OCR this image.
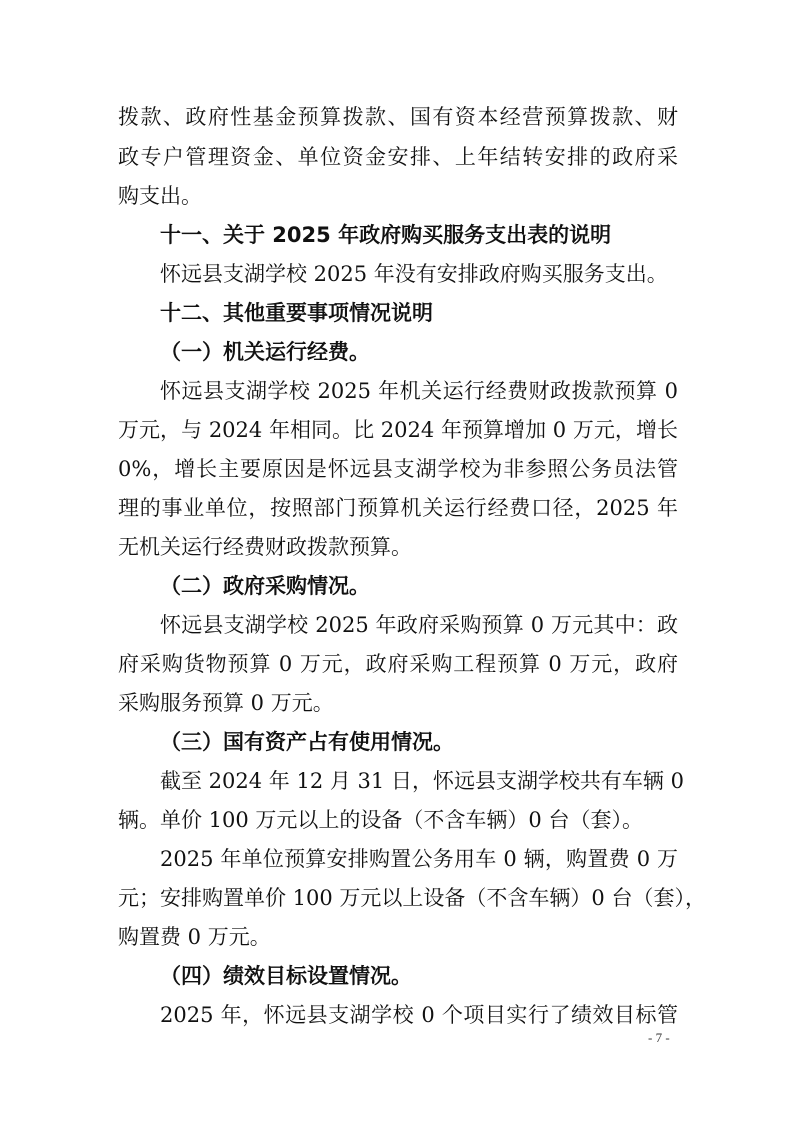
拨款、政府性基金预算拨款、国有资本经营预算拨款、财
政专户管理资金、单位资金安排、上年结转安排的政府采
购支出。
十一、关于 2025 年政府购买服务支出表的说明
怀远县支湖学校 2025 年没有安排政府购买服务支出。
十二、其他重要事项情况说明
（一）机关运行经费。
怀远县支湖学校 2025 年机关运行经费财政拨款预算 0
万元，与 2024 年相同。比 2024 年预算增加 0 万元，增长
0%，增长主要原因是怀远县支湖学校为非参照公务员法管
理的事业单位，按照部门预算机关运行经费口径，2025 年
无机关运行经费财政拨款预算。
（二）政府采购情况。
怀远县支湖学校 2025 年政府采购预算 0 万元其中：政
府采购货物预算 0 万元，政府采购工程预算 0 万元，政府
采购服务预算 0 万元。
（三）国有资产占有使用情况。
截至 2024 年 12 月 31 日，怀远县支湖学校共有车辆 0
辆。单价 100 万元以上的设备（不含车辆）0 台（套）。
2025 年单位预算安排购置公务用车 0 辆，购置费 0 万
元；安排购置单价 100 万元以上设备（不含车辆）0 台（套），
购置费 0 万元。
（四）绩效目标设置情况。
2025 年，怀远县支湖学校 0 个项目实行了绩效目标管
- 7 -
